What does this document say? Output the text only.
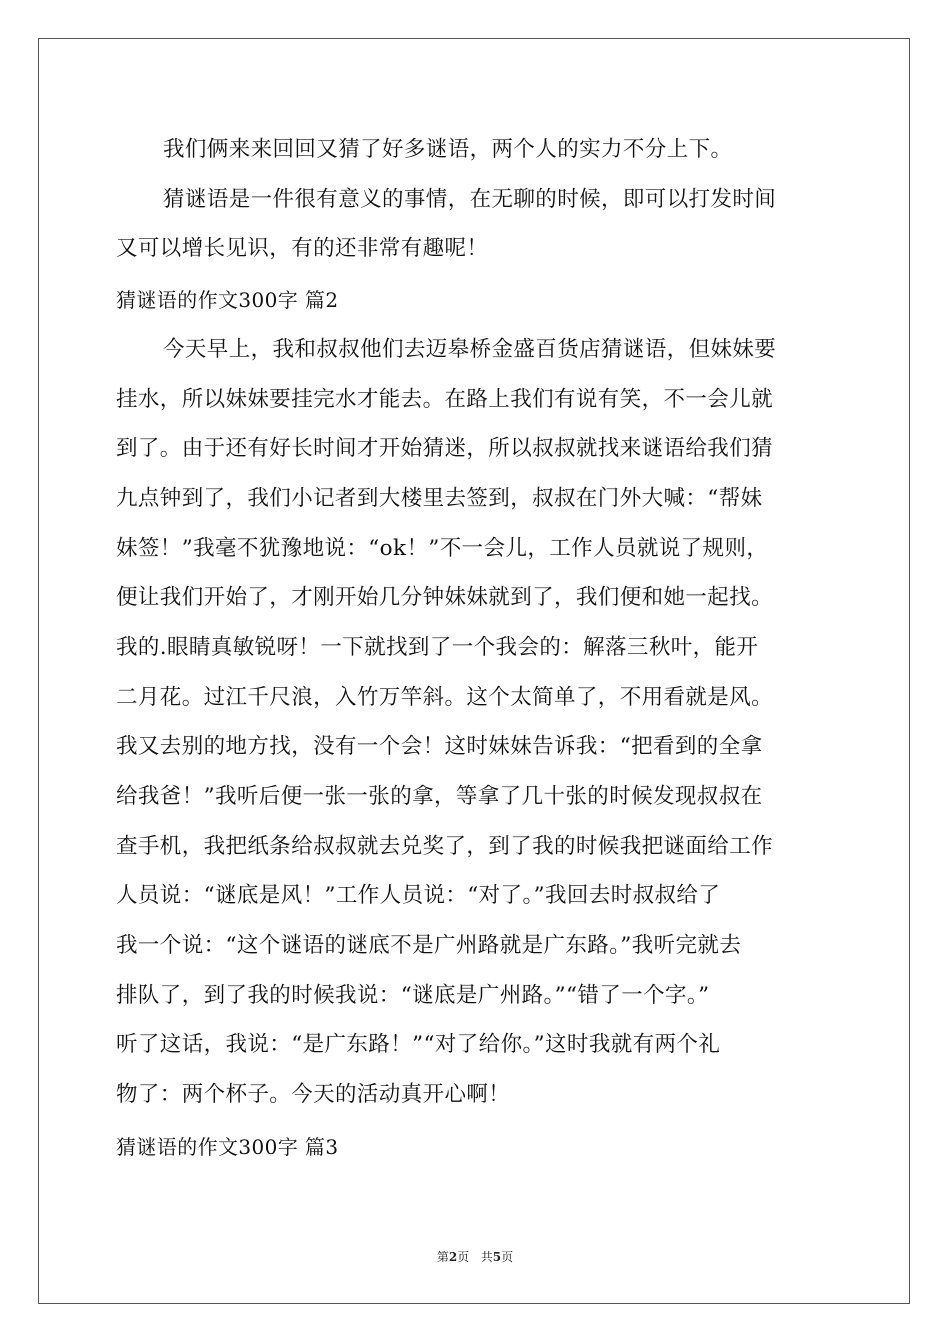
我们俩来来回回又猜了好多谜语，两个人的实力不分上下。
猜谜语是一件很有意义的事情，在无聊的时候，即可以打发时间
又可以增长见识，有的还非常有趣呢！
猜谜语的作文300字 篇2
今天早上，我和叔叔他们去迈皋桥金盛百货店猜谜语，但妹妹要
挂水，所以妹妹要挂完水才能去。在路上我们有说有笑，不一会儿就
到了。由于还有好长时间才开始猜迷，所以叔叔就找来谜语给我们猜
九点钟到了，我们小记者到大楼里去签到，叔叔在门外大喊：“帮妹
妹签！”我毫不犹豫地说：“ok！”不一会儿，工作人员就说了规则，
便让我们开始了，才刚开始几分钟妹妹就到了，我们便和她一起找。
我的.眼睛真敏锐呀！一下就找到了一个我会的：解落三秋叶，能开
二月花。过江千尺浪，入竹万竿斜。这个太简单了，不用看就是风。
我又去别的地方找，没有一个会！这时妹妹告诉我：“把看到的全拿
给我爸！”我听后便一张一张的拿，等拿了几十张的时候发现叔叔在
查手机，我把纸条给叔叔就去兑奖了，到了我的时候我把谜面给工作
人员说：“谜底是风！”工作人员说：“对了。”我回去时叔叔给了
我一个说：“这个谜语的谜底不是广州路就是广东路。”我听完就去
排队了，到了我的时候我说：“谜底是广州路。”“错了一个字。”
听了这话，我说：“是广东路！”“对了给你。”这时我就有两个礼
物了：两个杯子。今天的活动真开心啊！
猜谜语的作文300字 篇3
第2页   共5页
